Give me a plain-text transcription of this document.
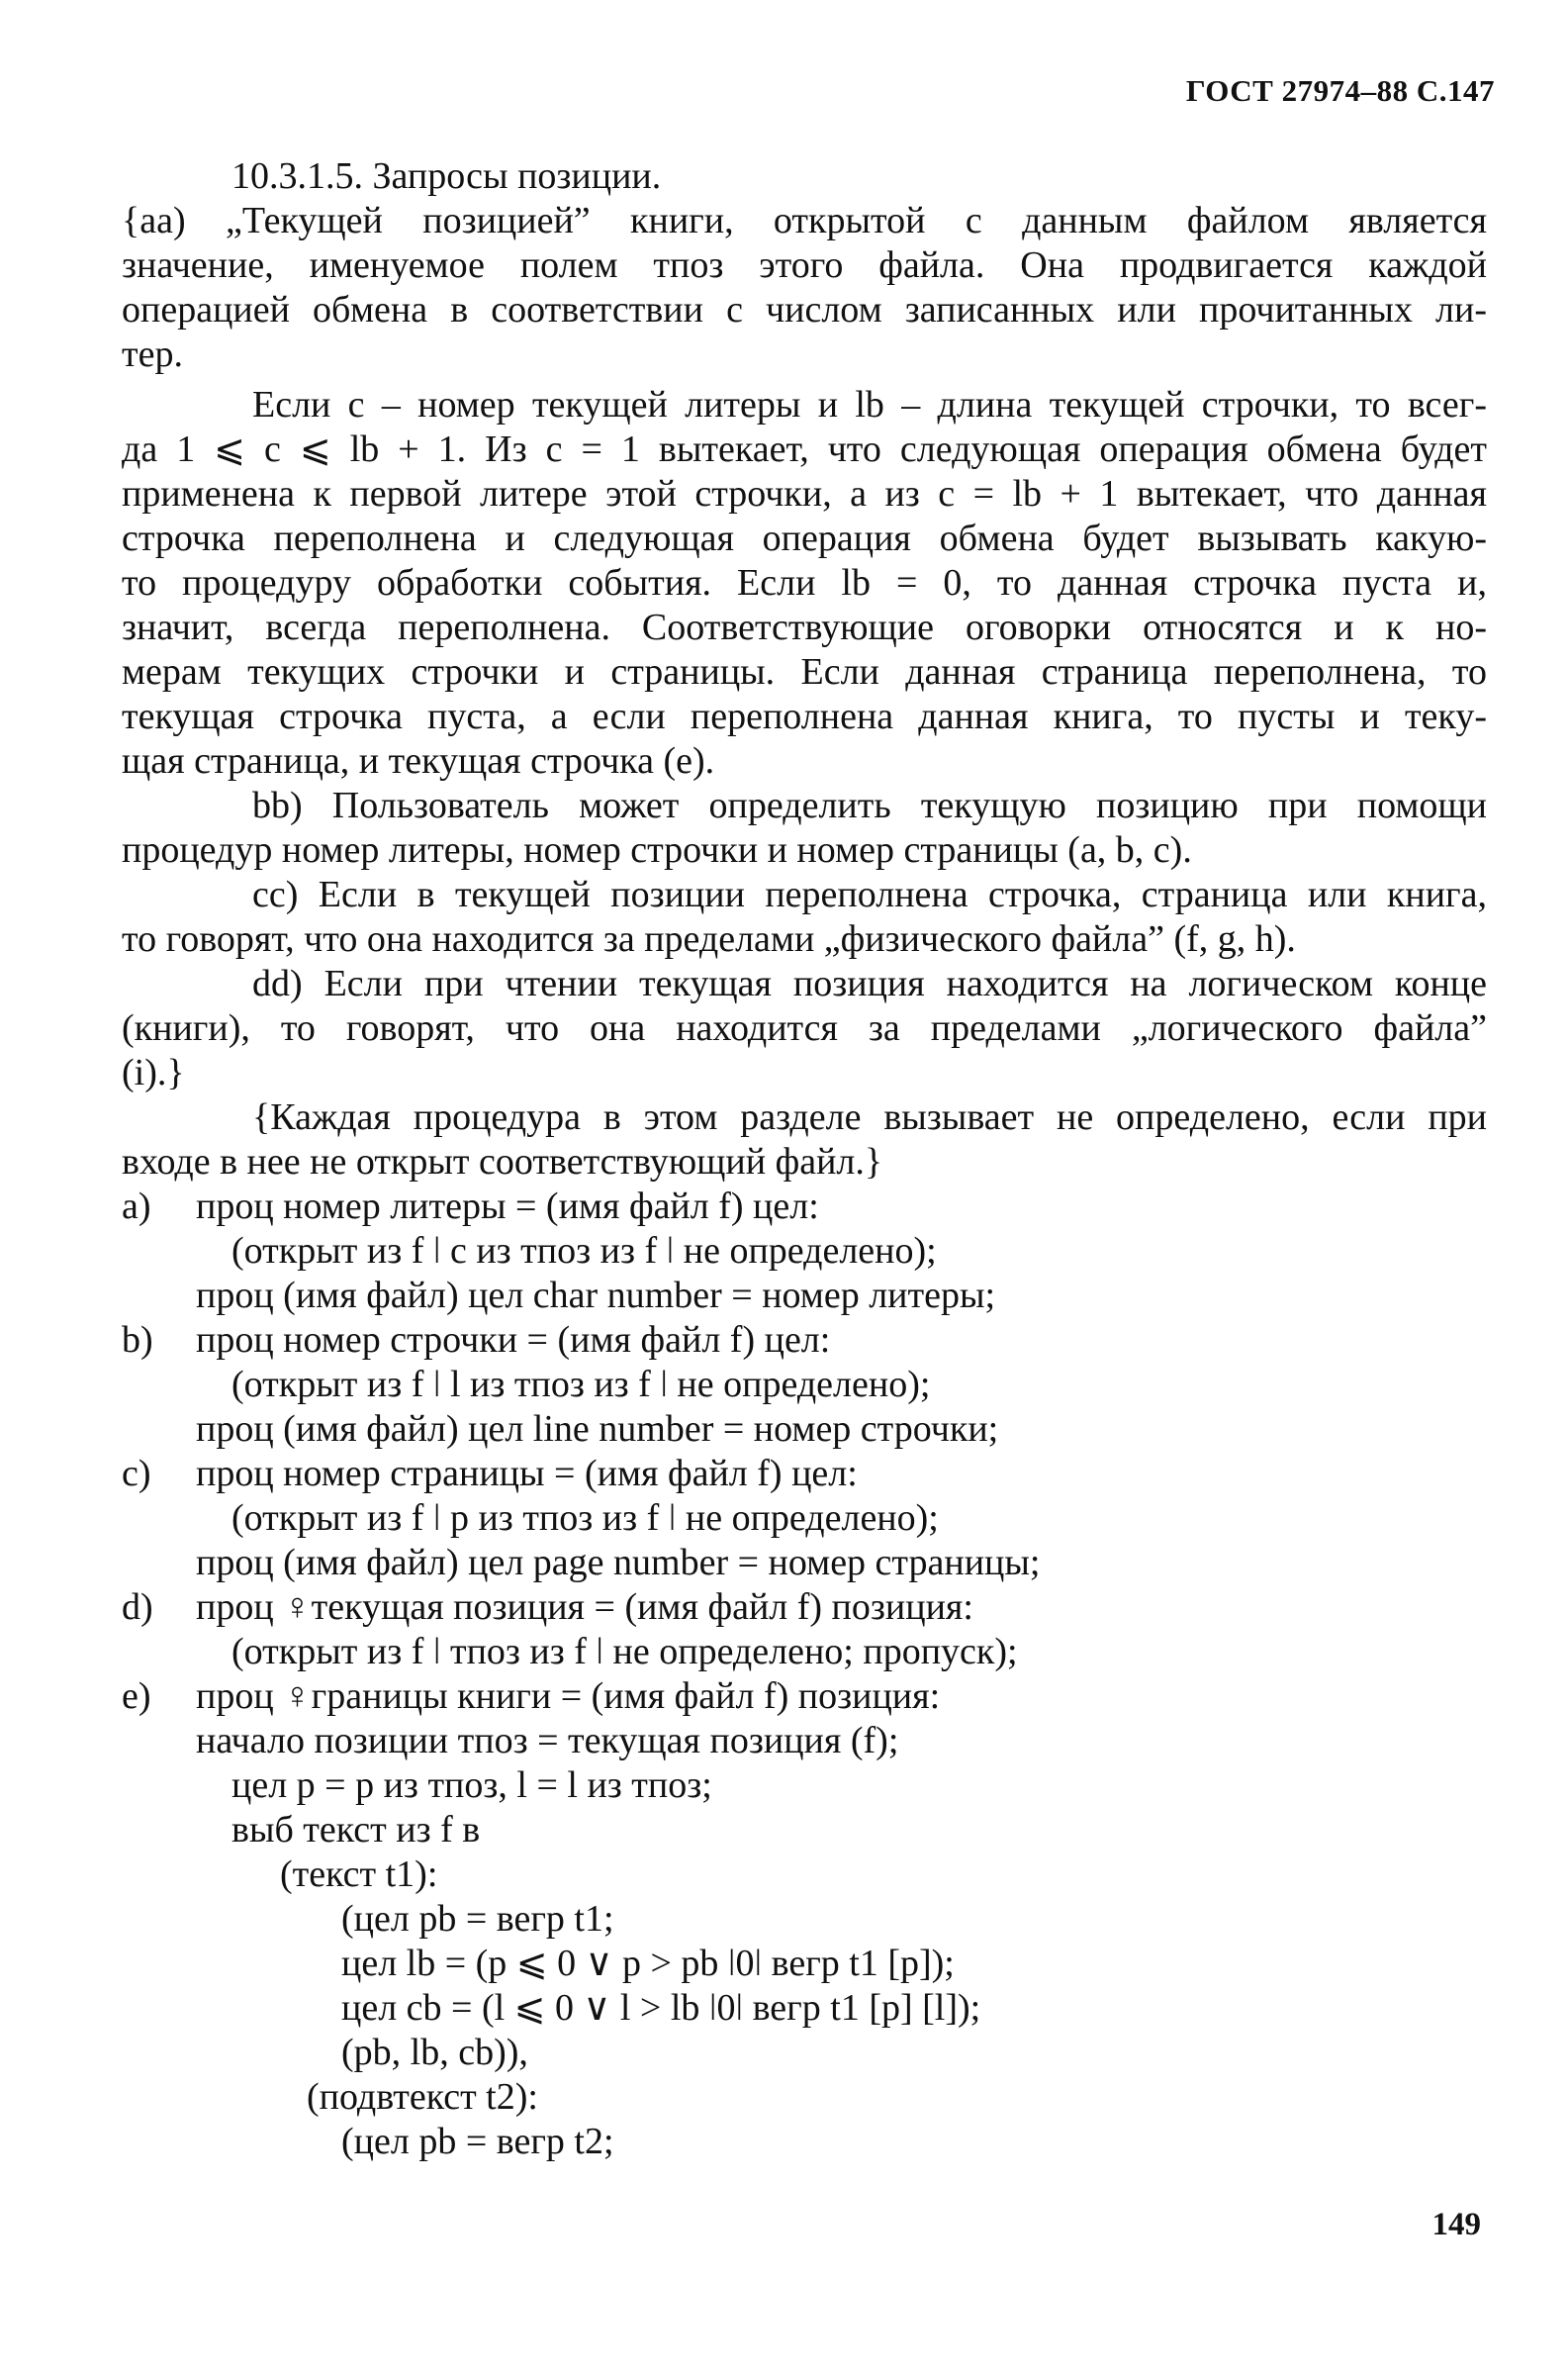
ГОСТ 27974–88 С.147
10.3.1.5. Запросы позиции.
{aa) „Текущей позицией” книги, открытой с данным файлом является
значение, именуемое полем тпоз этого файла. Она продвигается каждой
операцией обмена в соответствии с числом записанных или прочитанных ли-
тер.
Если c – номер текущей литеры и lb – длина текущей строчки, то всег-
да 1 ⩽ c ⩽ lb + 1. Из c = 1 вытекает, что следующая операция обмена будет
применена к первой литере этой строчки, а из c = lb + 1 вытекает, что данная
строчка переполнена и следующая операция обмена будет вызывать какую-
то процедуру обработки события. Если lb = 0, то данная строчка пуста и,
значит, всегда переполнена. Соответствующие оговорки относятся и к но-
мерам текущих строчки и страницы. Если данная страница переполнена, то
текущая строчка пуста, а если переполнена данная книга, то пусты и теку-
щая страница, и текущая строчка (e).
bb) Пользователь может определить текущую позицию при помощи
процедур номер литеры, номер строчки и номер страницы (a, b, c).
cc) Если в текущей позиции переполнена строчка, страница или книга,
то говорят, что она находится за пределами „физического файла” (f, g, h).
dd) Если при чтении текущая позиция находится на логическом конце
(книги), то говорят, что она находится за пределами „логического файла”
(i).}
{Каждая процедура в этом разделе вызывает не определено, если при
входе в нее не открыт соответствующий файл.}
a) проц номер литеры = (имя файл f) цел:
(открыт из f ǀ c из тпоз из f ǀ не определено);
проц (имя файл) цел char number = номер литеры;
b) проц номер строчки = (имя файл f) цел:
(открыт из f ǀ l из тпоз из f ǀ не определено);
проц (имя файл) цел line number = номер строчки;
c) проц номер страницы = (имя файл f) цел:
(открыт из f ǀ p из тпоз из f ǀ не определено);
проц (имя файл) цел page number = номер страницы;
d) проц ♀текущая позиция = (имя файл f) позиция:
(открыт из f ǀ тпоз из f ǀ не определено; пропуск);
e) проц ♀границы книги = (имя файл f) позиция:
начало позиции тпоз = текущая позиция (f);
цел p = p из тпоз, l = l из тпоз;
выб текст из f в
(текст t1):
(цел pb = вегр t1;
цел lb = (p ⩽ 0 ∨ p > pb ǀ0ǀ вегр t1 [p]);
цел cb = (l ⩽ 0 ∨ l > lb ǀ0ǀ вегр t1 [p] [l]);
(pb, lb, cb)),
(подвтекст t2):
(цел pb = вегр t2;
149
